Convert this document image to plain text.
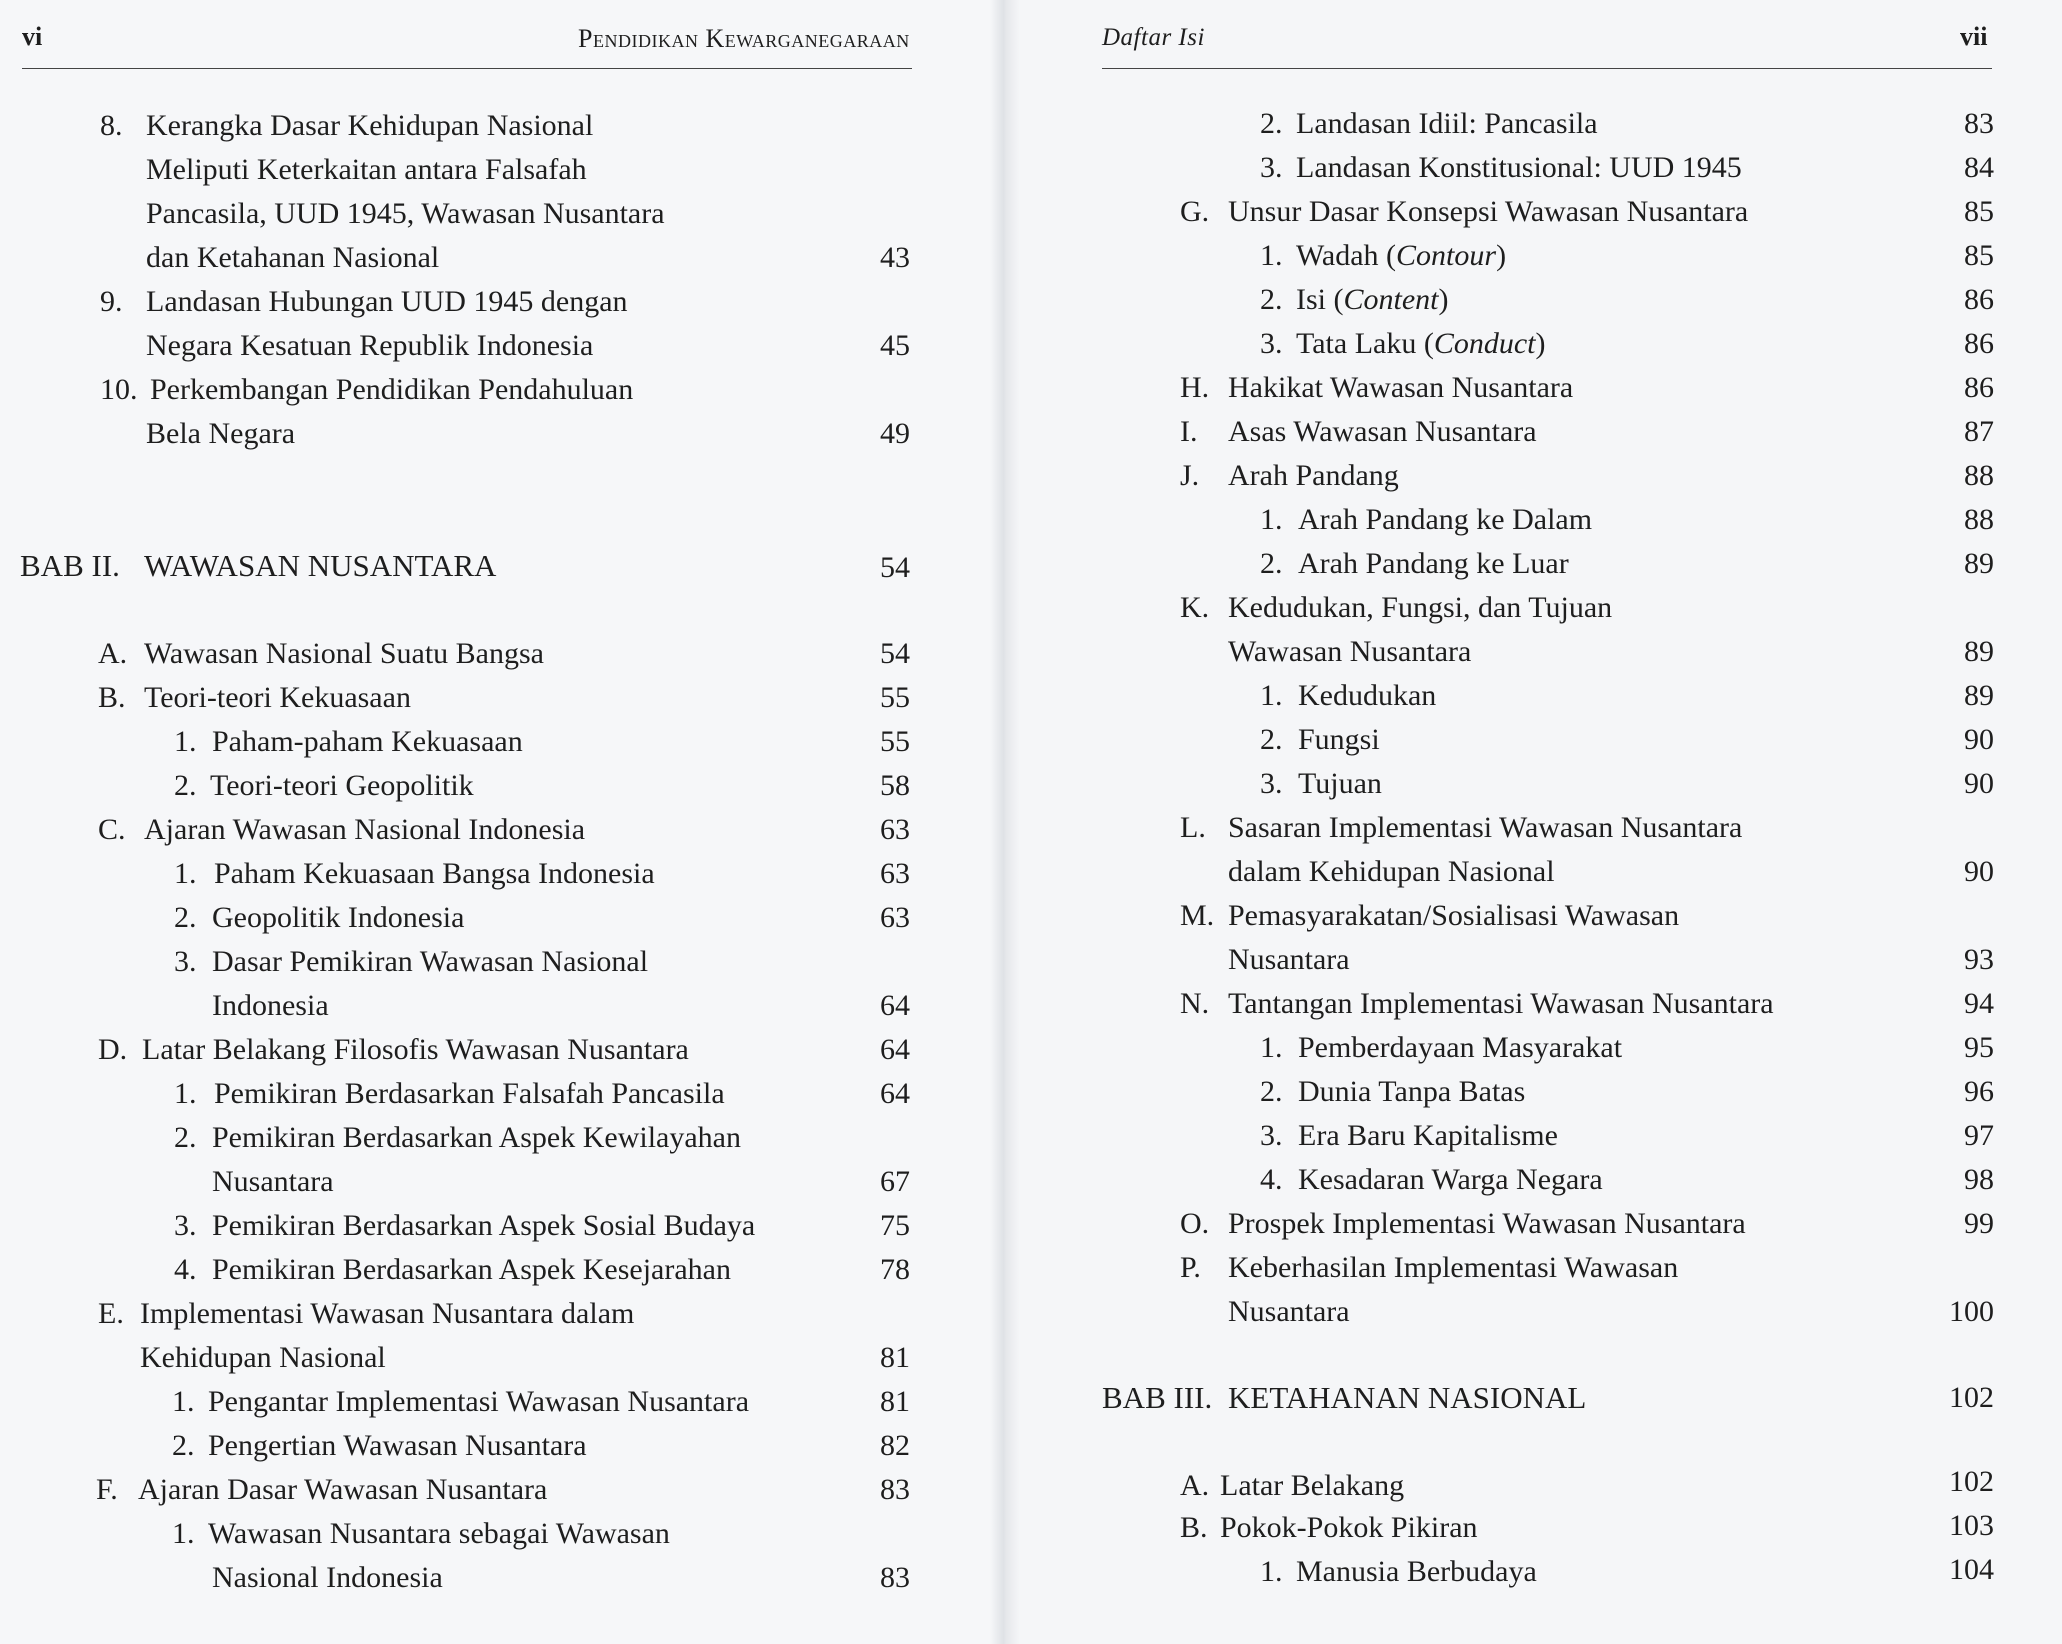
vi	Pendidikan Kewarganegaraan	Daftar Isi	vii
8. Kerangka Dasar Kehidupan Nasional
Meliputi Keterkaitan antara Falsafah
Pancasila, UUD 1945, Wawasan Nusantara
dan Ketahanan Nasional	43
9. Landasan Hubungan UUD 1945 dengan
Negara Kesatuan Republik Indonesia	45
10. Perkembangan Pendidikan Pendahuluan
Bela Negara	49
BAB II. WAWASAN NUSANTARA	54
A. Wawasan Nasional Suatu Bangsa	54
B. Teori-teori Kekuasaan	55
1. Paham-paham Kekuasaan	55
2. Teori-teori Geopolitik	58
C. Ajaran Wawasan Nasional Indonesia	63
1. Paham Kekuasaan Bangsa Indonesia	63
2. Geopolitik Indonesia	63
3. Dasar Pemikiran Wawasan Nasional
Indonesia	64
D. Latar Belakang Filosofis Wawasan Nusantara	64
1. Pemikiran Berdasarkan Falsafah Pancasila	64
2. Pemikiran Berdasarkan Aspek Kewilayahan
Nusantara	67
3. Pemikiran Berdasarkan Aspek Sosial Budaya	75
4. Pemikiran Berdasarkan Aspek Kesejarahan	78
E. Implementasi Wawasan Nusantara dalam
Kehidupan Nasional	81
1. Pengantar Implementasi Wawasan Nusantara	81
2. Pengertian Wawasan Nusantara	82
F. Ajaran Dasar Wawasan Nusantara	83
1. Wawasan Nusantara sebagai Wawasan
Nasional Indonesia	83
2. Landasan Idiil: Pancasila	83
3. Landasan Konstitusional: UUD 1945	84
G. Unsur Dasar Konsepsi Wawasan Nusantara	85
1. Wadah (Contour)	85
2. Isi (Content)	86
3. Tata Laku (Conduct)	86
H. Hakikat Wawasan Nusantara	86
I. Asas Wawasan Nusantara	87
J. Arah Pandang	88
1. Arah Pandang ke Dalam	88
2. Arah Pandang ke Luar	89
K. Kedudukan, Fungsi, dan Tujuan
Wawasan Nusantara	89
1. Kedudukan	89
2. Fungsi	90
3. Tujuan	90
L. Sasaran Implementasi Wawasan Nusantara
dalam Kehidupan Nasional	90
M. Pemasyarakatan/Sosialisasi Wawasan
Nusantara	93
N. Tantangan Implementasi Wawasan Nusantara	94
1. Pemberdayaan Masyarakat	95
2. Dunia Tanpa Batas	96
3. Era Baru Kapitalisme	97
4. Kesadaran Warga Negara	98
O. Prospek Implementasi Wawasan Nusantara	99
P. Keberhasilan Implementasi Wawasan
Nusantara	100
BAB III. KETAHANAN NASIONAL	102
A. Latar Belakang	102
B. Pokok-Pokok Pikiran	103
1. Manusia Berbudaya	104
